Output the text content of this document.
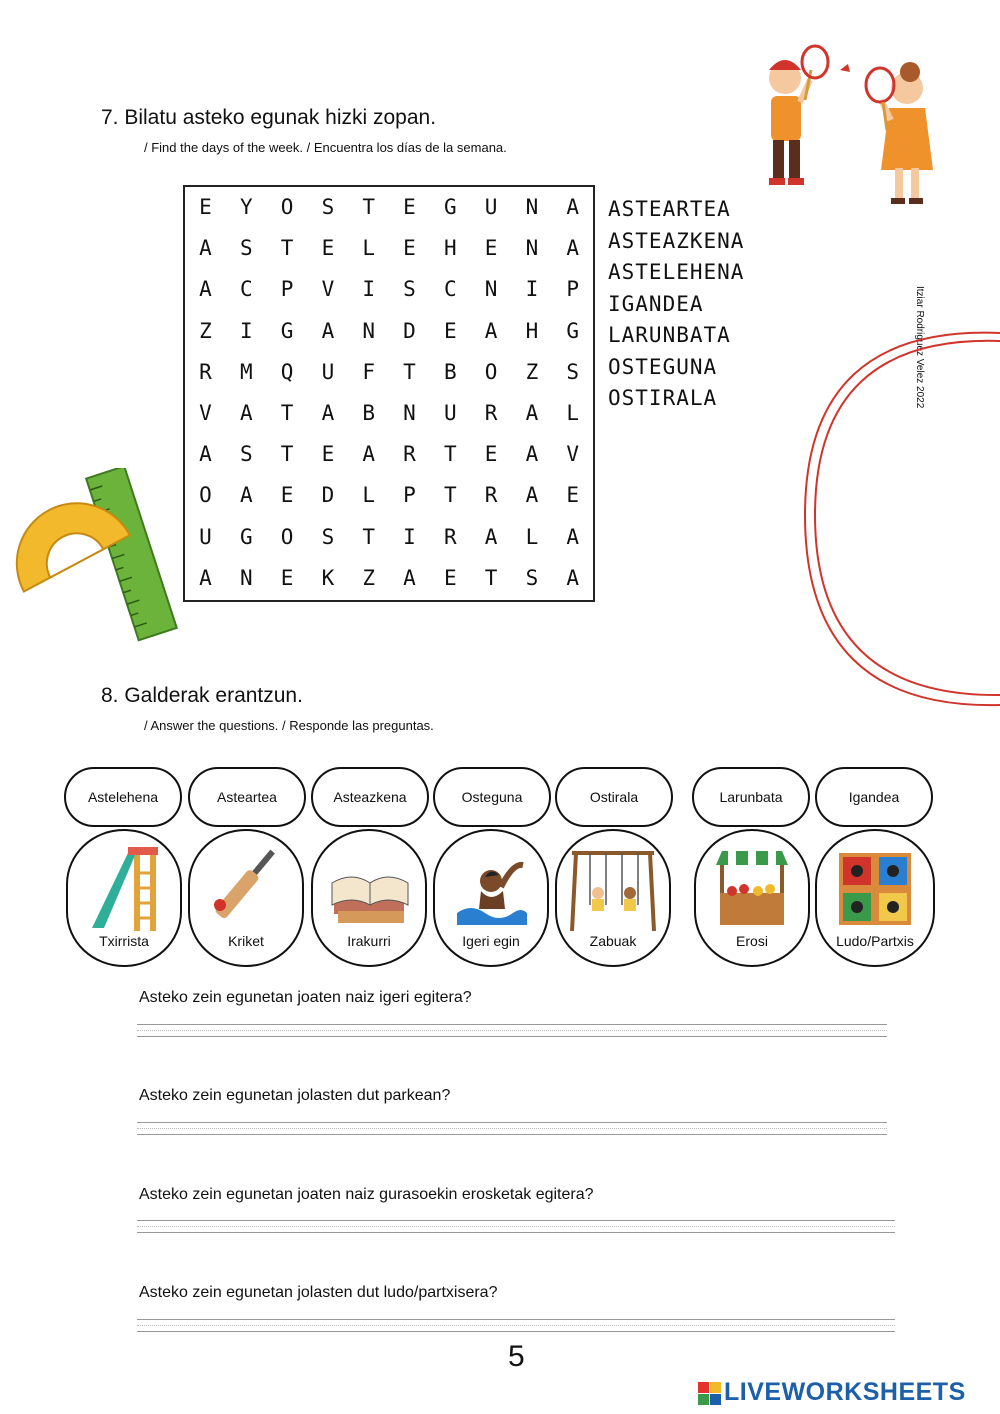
7. Bilatu asteko egunak hizki zopan.
/ Find the days of the week. / Encuentra los días de la semana.
Itziar Rodriguez Velez 2022
E	Y	O	S	T	E	G	U	N	A
A	S	T	E	L	E	H	E	N	A
A	C	P	V	I	S	C	N	I	P
Z	I	G	A	N	D	E	A	H	G
R	M	Q	U	F	T	B	O	Z	S
V	A	T	A	B	N	U	R	A	L
A	S	T	E	A	R	T	E	A	V
O	A	E	D	L	P	T	R	A	E
U	G	O	S	T	I	R	A	L	A
A	N	E	K	Z	A	E	T	S	A
ASTEARTEA
ASTEAZKENA
ASTELEHENA
IGANDEA
LARUNBATA
OSTEGUNA
OSTIRALA
8. Galderak erantzun.
/ Answer the questions. / Responde las preguntas.
Astelehena	Asteartea	Asteazkena	Osteguna	Ostirala	Larunbata	Igandea
Txirrista	Kriket	Irakurri	Igeri egin	Zabuak	Erosi	Ludo/Partxis
Asteko zein egunetan joaten naiz igeri egitera?
Asteko zein egunetan jolasten dut parkean?
Asteko zein egunetan joaten naiz gurasoekin erosketak egitera?
Asteko zein egunetan jolasten dut ludo/partxisera?
5
LIVEWORKSHEETS
